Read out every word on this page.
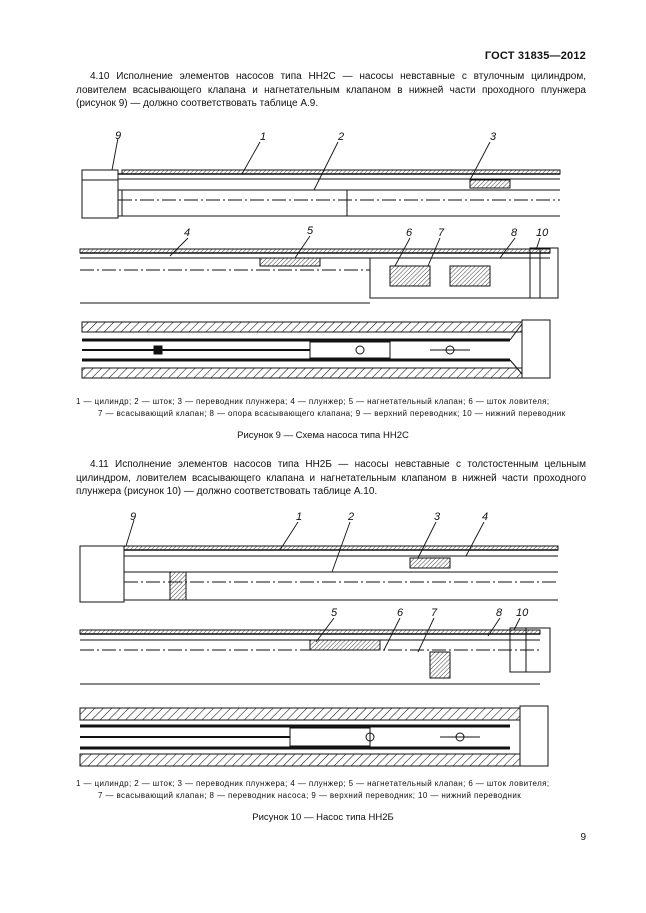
ГОСТ 31835—2012
4.10 Исполнение элементов насосов типа НН2С — насосы невставные с втулочным цилиндром, ловителем всасывающего клапана и нагнетательным клапаном в нижней части проходного плунжера (рисунок 9) — должно соответствовать таблице А.9.
9	1	2	3
4	5	6 7	8 10
1 — цилиндр; 2 — шток; 3 — переводник плунжера; 4 — плунжер; 5 — нагнетательный клапан; 6 — шток ловителя;
7 — всасывающий клапан; 8 — опора всасывающего клапана; 9 — верхний переводник; 10 — нижний переводник
Рисунок 9 — Схема насоса типа НН2С
4.11 Исполнение элементов насосов типа НН2Б — насосы невставные с толстостенным цельным цилиндром, ловителем всасывающего клапана и нагнетательным клапаном в нижней части проходного плунжера (рисунок 10) — должно соответствовать таблице А.10.
9	1	2	3	4
5	6	7	8 10
1 — цилиндр; 2 — шток; 3 — переводник плунжера; 4 — плунжер; 5 — нагнетательный клапан; 6 — шток ловителя;
7 — всасывающий клапан; 8 — переводник насоса; 9 — верхний переводник; 10 — нижний переводник
Рисунок 10 — Насос типа НН2Б
9
